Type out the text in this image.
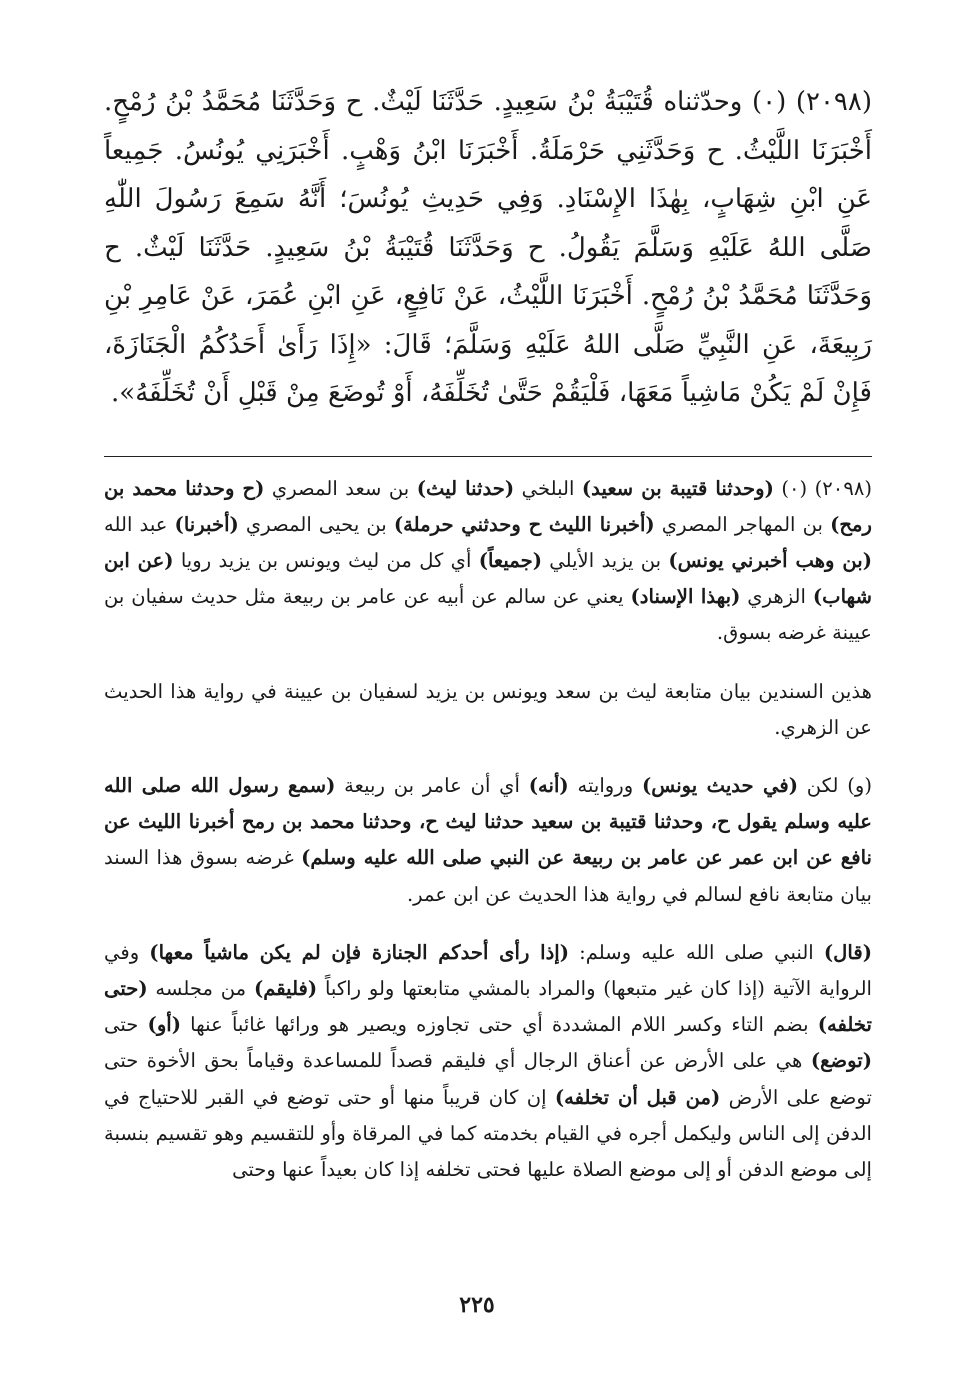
(٢٠٩٨) (٠) وحدّثناه قُتَيْبَةُ بْنُ سَعِيدٍ. حَدَّثَنَا لَيْثٌ. ح وَحَدَّثَنَا مُحَمَّدُ بْنُ رُمْحٍ. أَخْبَرَنَا اللَّيْثُ. ح وَحَدَّثَنِي حَرْمَلَةُ. أَخْبَرَنَا ابْنُ وَهْبٍ. أَخْبَرَنِي يُونُسُ. جَمِيعاً عَنِ ابْنِ شِهَابٍ، بِهٰذَا الإِسْنَادِ. وَفِي حَدِيثِ يُونُسَ؛ أَنَّهُ سَمِعَ رَسُولَ اللّٰهِ صَلَّى اللهُ عَلَيْهِ وَسَلَّمَ يَقُولُ. ح وَحَدَّثَنَا قُتَيْبَةُ بْنُ سَعِيدٍ. حَدَّثَنَا لَيْثٌ. ح وَحَدَّثَنَا مُحَمَّدُ بْنُ رُمْحٍ. أَخْبَرَنَا اللَّيْثُ، عَنْ نَافِعٍ، عَنِ ابْنِ عُمَرَ، عَنْ عَامِرِ بْنِ رَبِيعَةَ، عَنِ النَّبِيِّ صَلَّى اللهُ عَلَيْهِ وَسَلَّمَ؛ قَالَ: «إِذَا رَأَىٰ أَحَدُكُمُ الْجَنَازَةَ، فَإِنْ لَمْ يَكُنْ مَاشِياً مَعَهَا، فَلْيَقُمْ حَتَّىٰ تُخَلِّفَهُ، أَوْ تُوضَعَ مِنْ قَبْلِ أَنْ تُخَلِّفَهُ».

(٢٠٩٨) (٠) (وحدثنا قتيبة بن سعيد) البلخي (حدثنا ليث) بن سعد المصري (ح وحدثنا محمد بن رمح) بن المهاجر المصري (أخبرنا الليث ح وحدثني حرملة) بن يحيى المصري (أخبرنا) عبد الله (بن وهب أخبرني يونس) بن يزيد الأيلي (جميعاً) أي كل من ليث ويونس بن يزيد رويا (عن ابن شهاب) الزهري (بهذا الإسناد) يعني عن سالم عن أبيه عن عامر بن ربيعة مثل حديث سفيان بن عيينة غرضه بسوق.

هذين السندين بيان متابعة ليث بن سعد ويونس بن يزيد لسفيان بن عيينة في رواية هذا الحديث عن الزهري.

(و) لكن (في حديث يونس) وروايته (أنه) أي أن عامر بن ربيعة (سمع رسول الله صلى الله عليه وسلم يقول ح، وحدثنا قتيبة بن سعيد حدثنا ليث ح، وحدثنا محمد بن رمح أخبرنا الليث عن نافع عن ابن عمر عن عامر بن ربيعة عن النبي صلى الله عليه وسلم) غرضه بسوق هذا السند بيان متابعة نافع لسالم في رواية هذا الحديث عن ابن عمر.

(قال) النبي صلى الله عليه وسلم: (إذا رأى أحدكم الجنازة فإن لم يكن ماشياً معها) وفي الرواية الآتية (إذا كان غير متبعها) والمراد بالمشي متابعتها ولو راكباً (فليقم) من مجلسه (حتى تخلفه) بضم التاء وكسر اللام المشددة أي حتى تجاوزه ويصير هو ورائها غائباً عنها (أو) حتى (توضع) هي على الأرض عن أعناق الرجال أي فليقم قصداً للمساعدة وقياماً بحق الأخوة حتى توضع على الأرض (من قبل أن تخلفه) إن كان قريباً منها أو حتى توضع في القبر للاحتياج في الدفن إلى الناس وليكمل أجره في القيام بخدمته كما في المرقاة وأو للتقسيم وهو تقسيم بنسبة إلى موضع الدفن أو إلى موضع الصلاة عليها فحتى تخلفه إذا كان بعيداً عنها وحتى

٢٢٥
